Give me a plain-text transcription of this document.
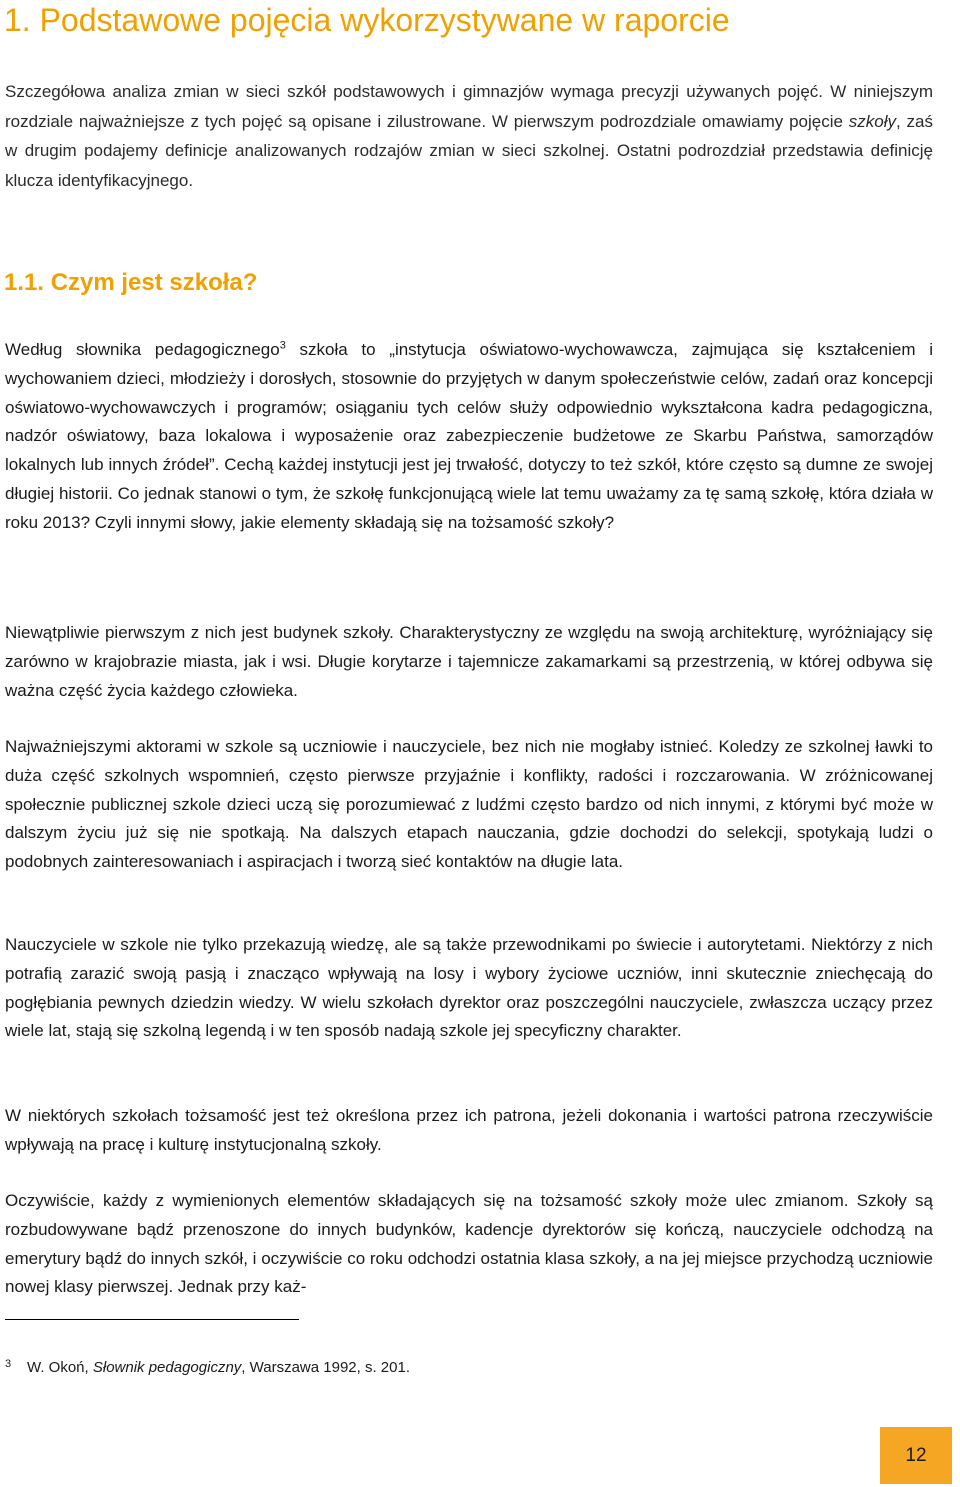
1. Podstawowe pojęcia wykorzystywane w raporcie

Szczegółowa analiza zmian w sieci szkół podstawowych i gimnazjów wymaga precyzji używanych pojęć. W niniejszym rozdziale najważniejsze z tych pojęć są opisane i zilustrowane. W pierwszym podrozdziale omawiamy pojęcie szkoły, zaś w drugim podajemy definicje analizowanych rodzajów zmian w sieci szkolnej. Ostatni podrozdział przedstawia definicję klucza identyfikacyjnego.

1.1. Czym jest szkoła?

Według słownika pedagogicznego$^3$ szkoła to „instytucja oświatowo-wychowawcza, zajmująca się kształceniem i wychowaniem dzieci, młodzieży i dorosłych, stosownie do przyjętych w danym społeczeństwie celów, zadań oraz koncepcji oświatowo-wychowawczych i programów; osiąganiu tych celów służy odpowiednio wykształcona kadra pedagogiczna, nadzór oświatowy, baza lokalowa i wyposażenie oraz zabezpieczenie budżetowe ze Skarbu Państwa, samorządów lokalnych lub innych źródeł”. Cechą każdej instytucji jest jej trwałość, dotyczy to też szkół, które często są dumne ze swojej długiej historii. Co jednak stanowi o tym, że szkołę funkcjonującą wiele lat temu uważamy za tę samą szkołę, która działa w roku 2013? Czyli innymi słowy, jakie elementy składają się na tożsamość szkoły?

Niewątpliwie pierwszym z nich jest budynek szkoły. Charakterystyczny ze względu na swoją architekturę, wyróżniający się zarówno w krajobrazie miasta, jak i wsi. Długie korytarze i tajemnicze zakamarkami są przestrzenią, w której odbywa się ważna część życia każdego człowieka.

Najważniejszymi aktorami w szkole są uczniowie i nauczyciele, bez nich nie mogłaby istnieć. Koledzy ze szkolnej ławki to duża część szkolnych wspomnień, często pierwsze przyjaźnie i konflikty, radości i rozczarowania. W zróżnicowanej społecznie publicznej szkole dzieci uczą się porozumiewać z ludźmi często bardzo od nich innymi, z którymi być może w dalszym życiu już się nie spotkają. Na dalszych etapach nauczania, gdzie dochodzi do selekcji, spotykają ludzi o podobnych zainteresowaniach i aspiracjach i tworzą sieć kontaktów na długie lata.

Nauczyciele w szkole nie tylko przekazują wiedzę, ale są także przewodnikami po świecie i autorytetami. Niektórzy z nich potrafią zarazić swoją pasją i znacząco wpływają na losy i wybory życiowe uczniów, inni skutecznie zniechęcają do pogłębiania pewnych dziedzin wiedzy. W wielu szkołach dyrektor oraz poszczególni nauczyciele, zwłaszcza uczący przez wiele lat, stają się szkolną legendą i w ten sposób nadają szkole jej specyficzny charakter.

W niektórych szkołach tożsamość jest też określona przez ich patrona, jeżeli dokonania i wartości patrona rzeczywiście wpływają na pracę i kulturę instytucjonalną szkoły.

Oczywiście, każdy z wymienionych elementów składających się na tożsamość szkoły może ulec zmianom. Szkoły są rozbudowywane bądź przenoszone do innych budynków, kadencje dyrektorów się kończą, nauczyciele odchodzą na emerytury bądź do innych szkół, i oczywiście co roku odchodzi ostatnia klasa szkoły, a na jej miejsce przychodzą uczniowie nowej klasy pierwszej. Jednak przy każ-

3 W. Okoń, Słownik pedagogiczny, Warszawa 1992, s. 201.
12
